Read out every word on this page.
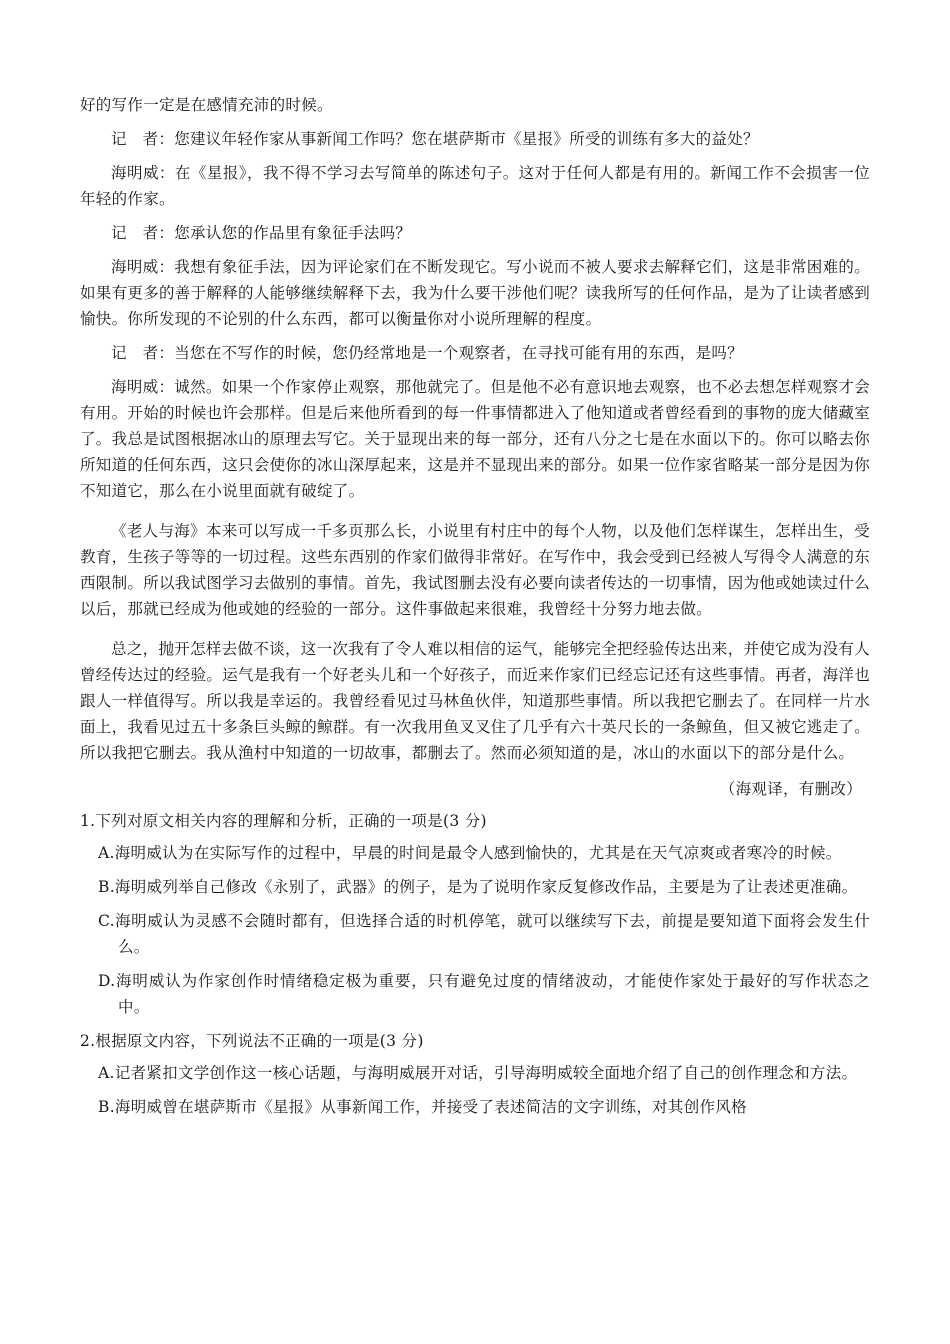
好的写作一定是在感情充沛的时候。

记　者：您建议年轻作家从事新闻工作吗？您在堪萨斯市《星报》所受的训练有多大的益处？

海明威：在《星报》，我不得不学习去写简单的陈述句子。这对于任何人都是有用的。新闻工作不会损害一位年轻的作家。

记　者：您承认您的作品里有象征手法吗？

海明威：我想有象征手法，因为评论家们在不断发现它。写小说而不被人要求去解释它们，这是非常困难的。如果有更多的善于解释的人能够继续解释下去，我为什么要干涉他们呢？读我所写的任何作品，是为了让读者感到愉快。你所发现的不论别的什么东西，都可以衡量你对小说所理解的程度。

记　者：当您在不写作的时候，您仍经常地是一个观察者，在寻找可能有用的东西，是吗？

海明威：诚然。如果一个作家停止观察，那他就完了。但是他不必有意识地去观察，也不必去想怎样观察才会有用。开始的时候也许会那样。但是后来他所看到的每一件事情都进入了他知道或者曾经看到的事物的庞大储藏室了。我总是试图根据冰山的原理去写它。关于显现出来的每一部分，还有八分之七是在水面以下的。你可以略去你所知道的任何东西，这只会使你的冰山深厚起来，这是并不显现出来的部分。如果一位作家省略某一部分是因为你不知道它，那么在小说里面就有破绽了。

《老人与海》本来可以写成一千多页那么长，小说里有村庄中的每个人物，以及他们怎样谋生，怎样出生，受教育，生孩子等等的一切过程。这些东西别的作家们做得非常好。在写作中，我会受到已经被人写得令人满意的东西限制。所以我试图学习去做别的事情。首先，我试图删去没有必要向读者传达的一切事情，因为他或她读过什么以后，那就已经成为他或她的经验的一部分。这件事做起来很难，我曾经十分努力地去做。

总之，抛开怎样去做不谈，这一次我有了令人难以相信的运气，能够完全把经验传达出来，并使它成为没有人曾经传达过的经验。运气是我有一个好老头儿和一个好孩子，而近来作家们已经忘记还有这些事情。再者，海洋也跟人一样值得写。所以我是幸运的。我曾经看见过马林鱼伙伴，知道那些事情。所以我把它删去了。在同样一片水面上，我看见过五十多条巨头鲸的鲸群。有一次我用鱼叉叉住了几乎有六十英尺长的一条鲸鱼，但又被它逃走了。所以我把它删去。我从渔村中知道的一切故事，都删去了。然而必须知道的是，冰山的水面以下的部分是什么。

（海观译，有删改）

1.下列对原文相关内容的理解和分析，正确的一项是(3 分)

A.海明威认为在实际写作的过程中，早晨的时间是最令人感到愉快的，尤其是在天气凉爽或者寒冷的时候。

B.海明威列举自己修改《永别了，武器》的例子，是为了说明作家反复修改作品，主要是为了让表述更准确。

C.海明威认为灵感不会随时都有，但选择合适的时机停笔，就可以继续写下去，前提是要知道下面将会发生什么。

D.海明威认为作家创作时情绪稳定极为重要，只有避免过度的情绪波动，才能使作家处于最好的写作状态之中。

2.根据原文内容，下列说法不正确的一项是(3 分)

A.记者紧扣文学创作这一核心话题，与海明威展开对话，引导海明威较全面地介绍了自己的创作理念和方法。

B.海明威曾在堪萨斯市《星报》从事新闻工作，并接受了表述简洁的文字训练，对其创作风格
